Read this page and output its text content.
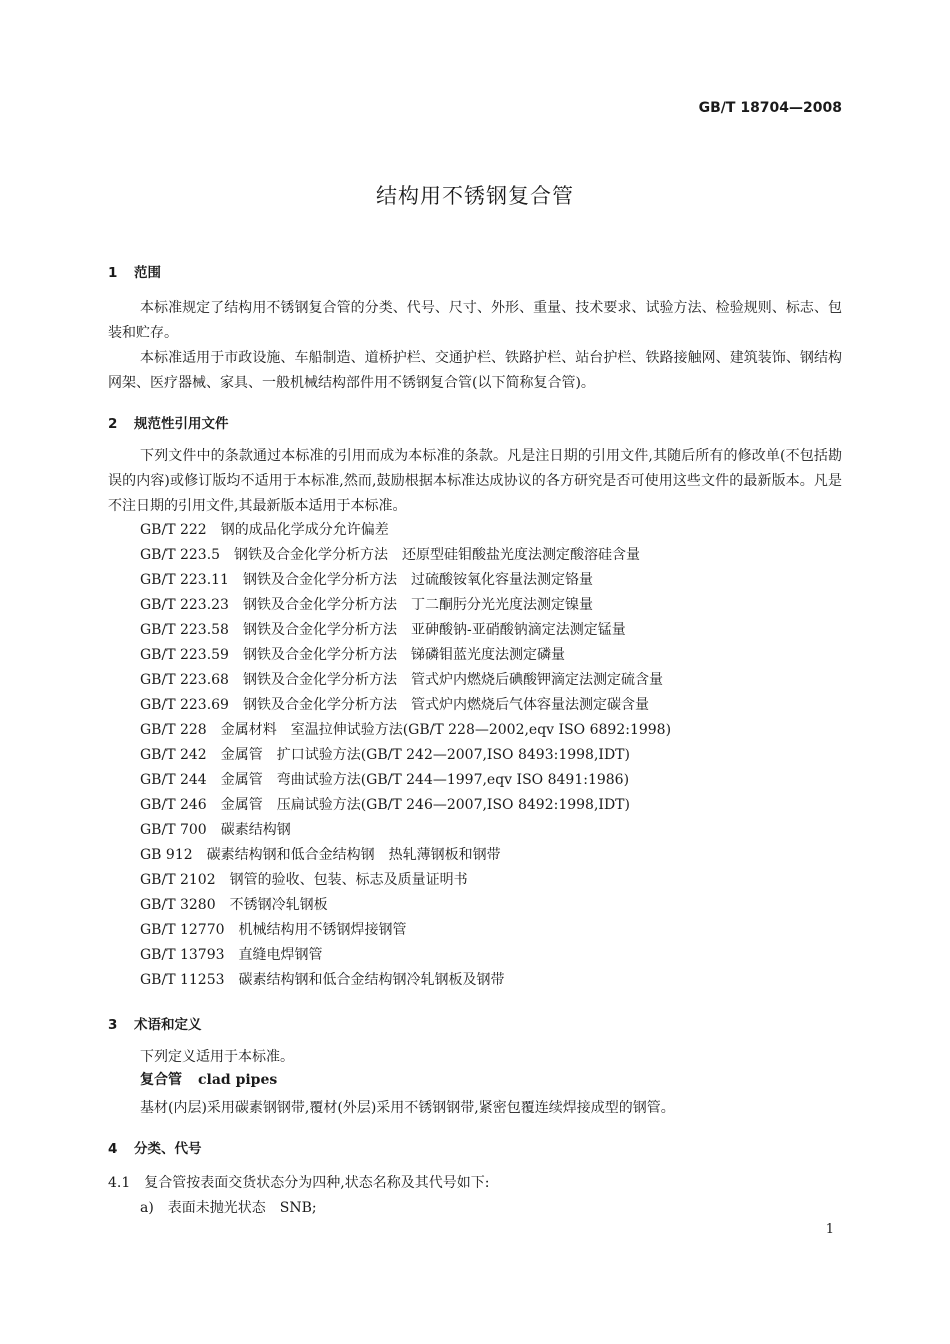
GB/T 18704—2008
结构用不锈钢复合管
1 范围

本标准规定了结构用不锈钢复合管的分类、代号、尺寸、外形、重量、技术要求、试验方法、检验规则、标志、包装和贮存。

本标准适用于市政设施、车船制造、道桥护栏、交通护栏、铁路护栏、站台护栏、铁路接触网、建筑装饰、钢结构网架、医疗器械、家具、一般机械结构部件用不锈钢复合管(以下简称复合管)。

2 规范性引用文件

下列文件中的条款通过本标准的引用而成为本标准的条款。凡是注日期的引用文件,其随后所有的修改单(不包括勘误的内容)或修订版均不适用于本标准,然而,鼓励根据本标准达成协议的各方研究是否可使用这些文件的最新版本。凡是不注日期的引用文件,其最新版本适用于本标准。

GB/T 222　钢的成品化学成分允许偏差
GB/T 223.5　钢铁及合金化学分析方法　还原型硅钼酸盐光度法测定酸溶硅含量
GB/T 223.11　钢铁及合金化学分析方法　过硫酸铵氧化容量法测定铬量
GB/T 223.23　钢铁及合金化学分析方法　丁二酮肟分光光度法测定镍量
GB/T 223.58　钢铁及合金化学分析方法　亚砷酸钠-亚硝酸钠滴定法测定锰量
GB/T 223.59　钢铁及合金化学分析方法　锑磷钼蓝光度法测定磷量
GB/T 223.68　钢铁及合金化学分析方法　管式炉内燃烧后碘酸钾滴定法测定硫含量
GB/T 223.69　钢铁及合金化学分析方法　管式炉内燃烧后气体容量法测定碳含量
GB/T 228　金属材料　室温拉伸试验方法(GB/T 228—2002,eqv ISO 6892:1998)
GB/T 242　金属管　扩口试验方法(GB/T 242—2007,ISO 8493:1998,IDT)
GB/T 244　金属管　弯曲试验方法(GB/T 244—1997,eqv ISO 8491:1986)
GB/T 246　金属管　压扁试验方法(GB/T 246—2007,ISO 8492:1998,IDT)
GB/T 700　碳素结构钢
GB 912　碳素结构钢和低合金结构钢　热轧薄钢板和钢带
GB/T 2102　钢管的验收、包装、标志及质量证明书
GB/T 3280　不锈钢冷轧钢板
GB/T 12770　机械结构用不锈钢焊接钢管
GB/T 13793　直缝电焊钢管
GB/T 11253　碳素结构钢和低合金结构钢冷轧钢板及钢带
3 术语和定义
下列定义适用于本标准。
复合管 clad pipes
基材(内层)采用碳素钢钢带,覆材(外层)采用不锈钢钢带,紧密包覆连续焊接成型的钢管。
4 分类、代号
4.1　复合管按表面交货状态分为四种,状态名称及其代号如下:
a)　表面未抛光状态　SNB;
1
